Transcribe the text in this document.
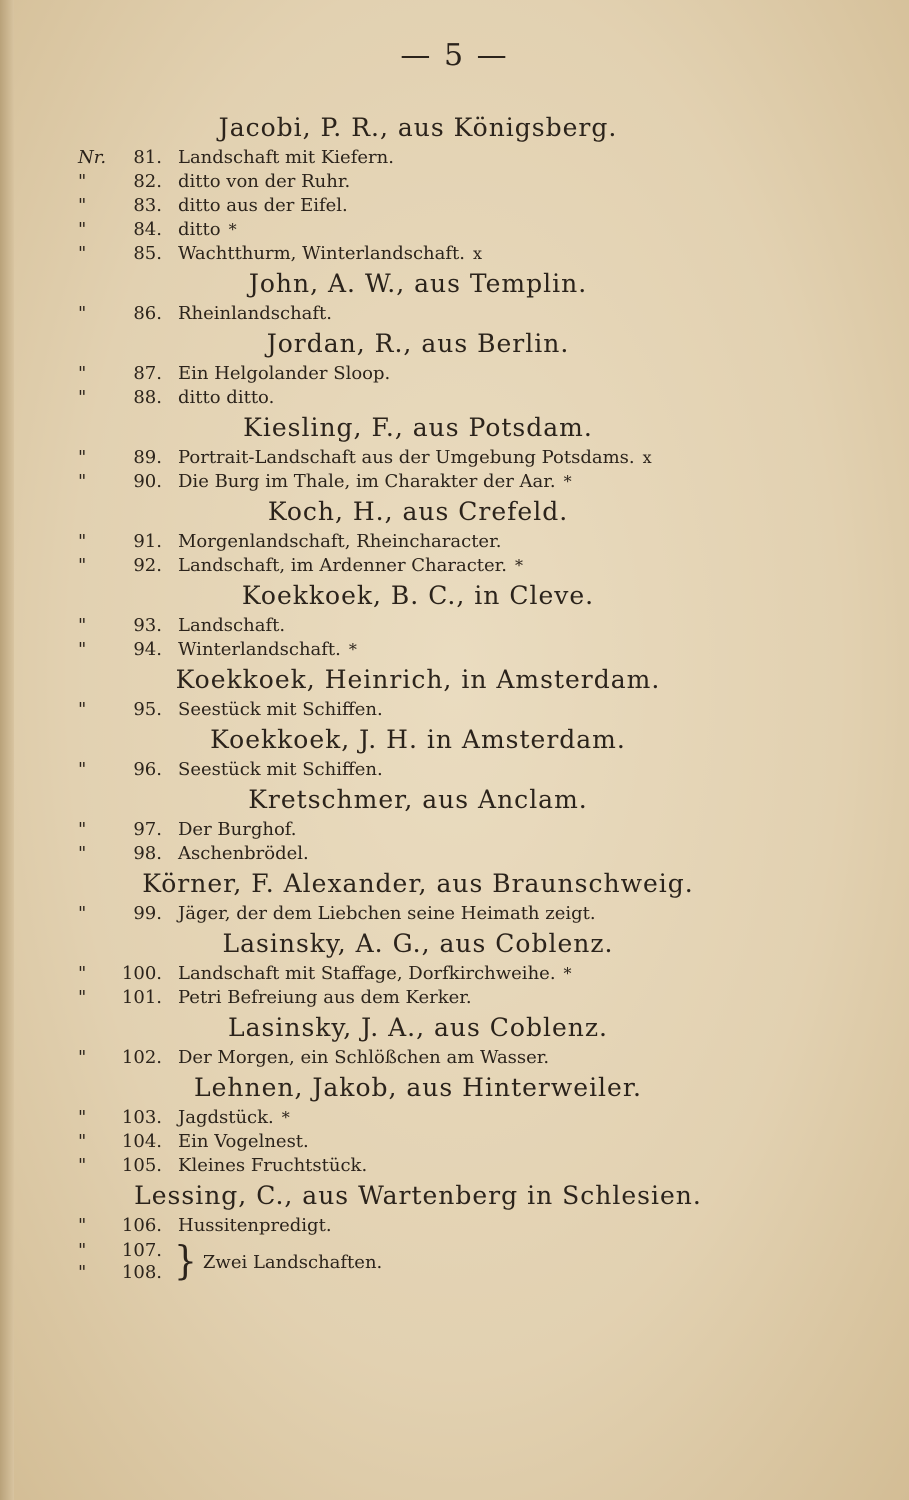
— 5 —
Jacobi, P. R., aus Königsberg.
Nr.	81. Landschaft mit Kiefern.
"	82. ditto von der Ruhr.
"	83. ditto aus der Eifel.
"	84. ditto *
"	85. Wachtthurm, Winterlandschaft. x
John, A. W., aus Templin.
"	86. Rheinlandschaft.
Jordan, R., aus Berlin.
"	87. Ein Helgolander Sloop.
"	88. ditto ditto.
Kiesling, F., aus Potsdam.
"	89. Portrait-Landschaft aus der Umgebung Potsdams. x
"	90. Die Burg im Thale, im Charakter der Aar. *
Koch, H., aus Crefeld.
"	91. Morgenlandschaft, Rheincharacter.
"	92. Landschaft, im Ardenner Character. *
Koekkoek, B. C., in Cleve.
"	93. Landschaft.
"	94. Winterlandschaft. *
Koekkoek, Heinrich, in Amsterdam.
"	95. Seestück mit Schiffen.
Koekkoek, J. H. in Amsterdam.
"	96. Seestück mit Schiffen.
Kretschmer, aus Anclam.
"	97. Der Burghof.
"	98. Aschenbrödel.
Körner, F. Alexander, aus Braunschweig.
"	99. Jäger, der dem Liebchen seine Heimath zeigt.
Lasinsky, A. G., aus Coblenz.
"	100. Landschaft mit Staffage, Dorfkirchweihe. *
"	101. Petri Befreiung aus dem Kerker.
Lasinsky, J. A., aus Coblenz.
"	102. Der Morgen, ein Schlößchen am Wasser.
Lehnen, Jakob, aus Hinterweiler.
"	103. Jagdstück. *
"	104. Ein Vogelnest.
"	105. Kleines Fruchtstück.
Lessing, C., aus Wartenberg in Schlesien.
"	106. Hussitenpredigt.
"	107.
"	108. } Zwei Landschaften.
